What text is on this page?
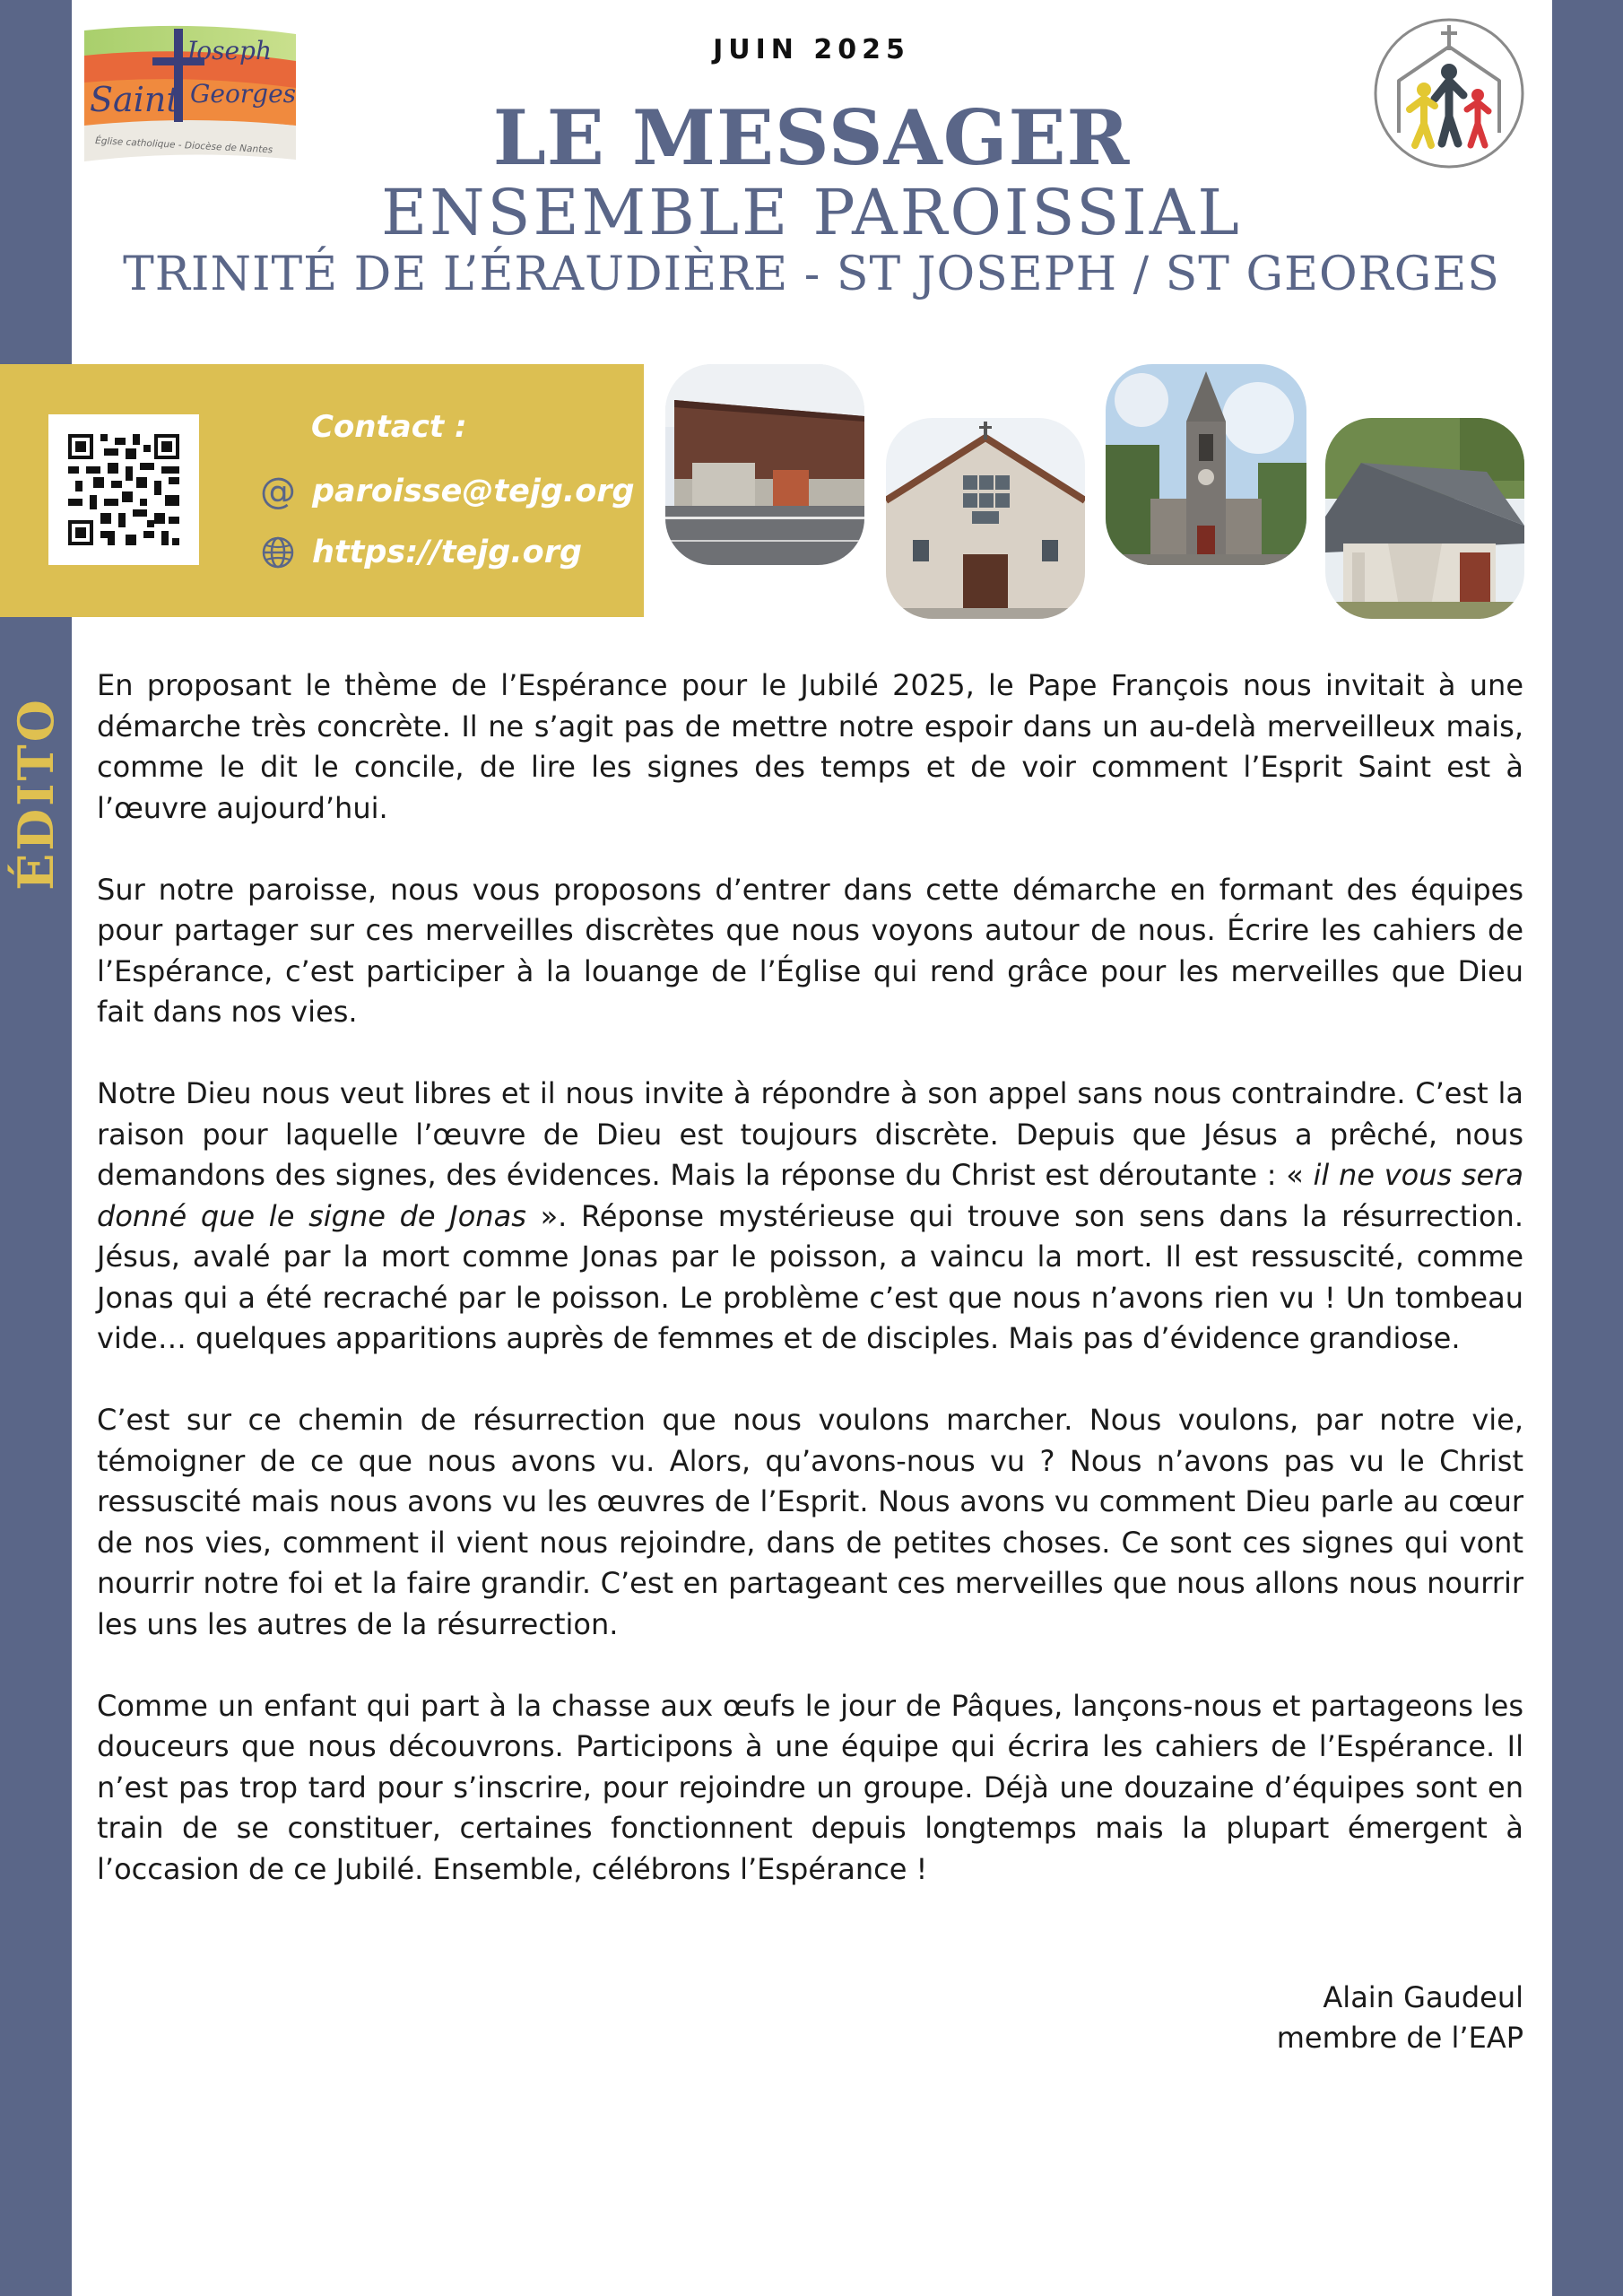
ÉDITO
Saint
Joseph
Georges
Église catholique - Diocèse de Nantes
JUIN 2025
LE MESSAGER
ENSEMBLE PAROISSIAL
TRINITÉ DE L’ÉRAUDIÈRE - ST JOSEPH / ST GEORGES
Contact :
@ paroisse@tejg.org
https://tejg.org

En proposant le thème de l’Espérance pour le Jubilé 2025, le Pape François nous invitait à une démarche très concrète. Il ne s’agit pas de mettre notre espoir dans un au-delà merveilleux mais, comme le dit le concile, de lire les signes des temps et de voir comment l’Esprit Saint est à l’œuvre aujourd’hui.

Sur notre paroisse, nous vous proposons d’entrer dans cette démarche en formant des équipes pour partager sur ces merveilles discrètes que nous voyons autour de nous. Écrire les cahiers de l’Espérance, c’est participer à la louange de l’Église qui rend grâce pour les merveilles que Dieu fait dans nos vies.

Notre Dieu nous veut libres et il nous invite à répondre à son appel sans nous contraindre. C’est la raison pour laquelle l’œuvre de Dieu est toujours discrète. Depuis que Jésus a prêché, nous demandons des signes, des évidences. Mais la réponse du Christ est déroutante : « il ne vous sera donné que le signe de Jonas ». Réponse mystérieuse qui trouve son sens dans la résurrection. Jésus, avalé par la mort comme Jonas par le poisson, a vaincu la mort. Il est ressuscité, comme Jonas qui a été recraché par le poisson. Le problème c’est que nous n’avons rien vu ! Un tombeau vide… quelques apparitions auprès de femmes et de disciples. Mais pas d’évidence grandiose.

C’est sur ce chemin de résurrection que nous voulons marcher. Nous voulons, par notre vie, témoigner de ce que nous avons vu. Alors, qu’avons-nous vu ? Nous n’avons pas vu le Christ ressuscité mais nous avons vu les œuvres de l’Esprit. Nous avons vu comment Dieu parle au cœur de nos vies, comment il vient nous rejoindre, dans de petites choses. Ce sont ces signes qui vont nourrir notre foi et la faire grandir. C’est en partageant ces merveilles que nous allons nous nourrir les uns les autres de la résurrection.

Comme un enfant qui part à la chasse aux œufs le jour de Pâques, lançons-nous et partageons les douceurs que nous découvrons. Participons à une équipe qui écrira les cahiers de l’Espérance. Il n’est pas trop tard pour s’inscrire, pour rejoindre un groupe. Déjà une douzaine d’équipes sont en train de se constituer, certaines fonctionnent depuis longtemps mais la plupart émergent à l’occasion de ce Jubilé. Ensemble, célébrons l’Espérance !

Alain Gaudeul
membre de l’EAP
